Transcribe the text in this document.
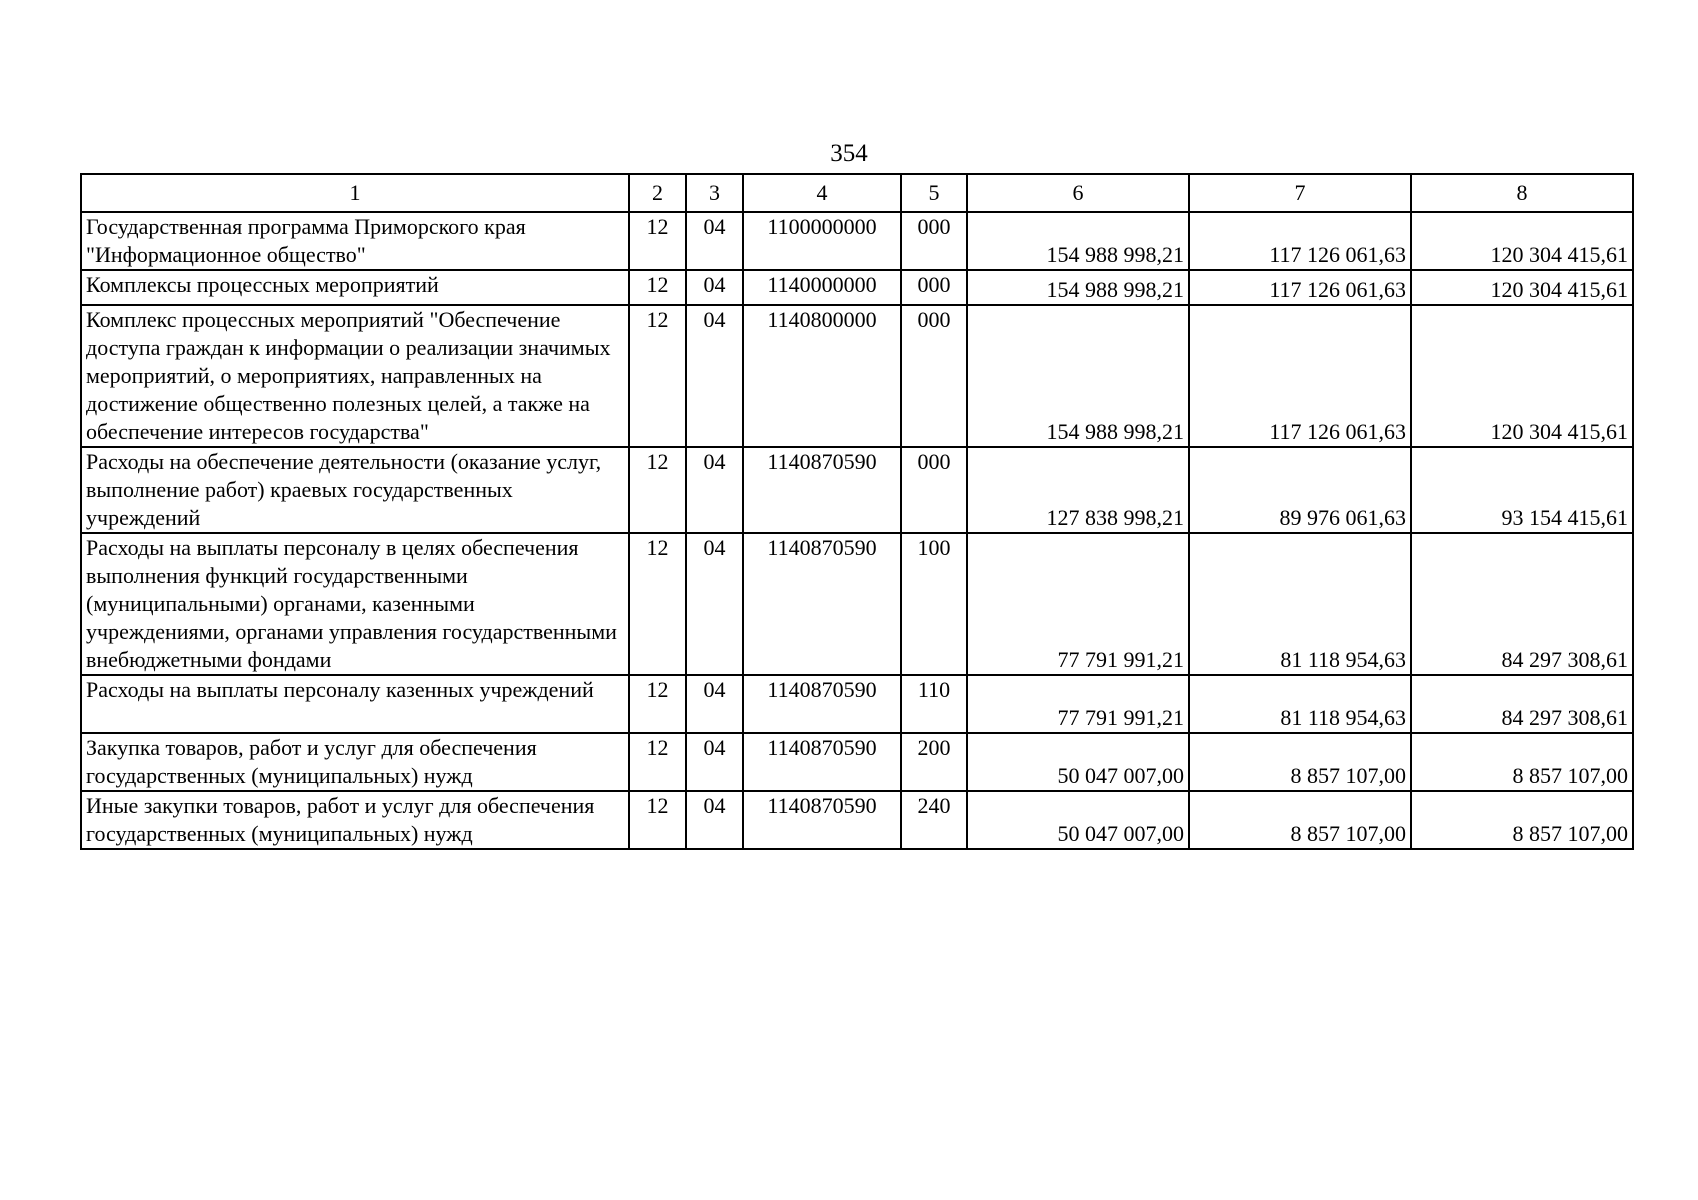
354
1	2	3	4	5	6	7	8
Государственная программа Приморского края "Информационное общество"	12	04	1100000000	000	154 988 998,21	117 126 061,63	120 304 415,61
Комплексы процессных мероприятий	12	04	1140000000	000	154 988 998,21	117 126 061,63	120 304 415,61
Комплекс процессных мероприятий "Обеспечение доступа граждан к информации о реализации значимых мероприятий, о мероприятиях, направленных на достижение общественно полезных целей, а также на обеспечение интересов государства"	12	04	1140800000	000	154 988 998,21	117 126 061,63	120 304 415,61
Расходы на обеспечение деятельности (оказание услуг, выполнение работ) краевых государственных учреждений	12	04	1140870590	000	127 838 998,21	89 976 061,63	93 154 415,61
Расходы на выплаты персоналу в целях обеспечения выполнения функций государственными (муниципальными) органами, казенными учреждениями, органами управления государственными внебюджетными фондами	12	04	1140870590	100	77 791 991,21	81 118 954,63	84 297 308,61
Расходы на выплаты персоналу казенных учреждений	12	04	1140870590	110	77 791 991,21	81 118 954,63	84 297 308,61
Закупка товаров, работ и услуг для обеспечения государственных (муниципальных) нужд	12	04	1140870590	200	50 047 007,00	8 857 107,00	8 857 107,00
Иные закупки товаров, работ и услуг для обеспечения государственных (муниципальных) нужд	12	04	1140870590	240	50 047 007,00	8 857 107,00	8 857 107,00
